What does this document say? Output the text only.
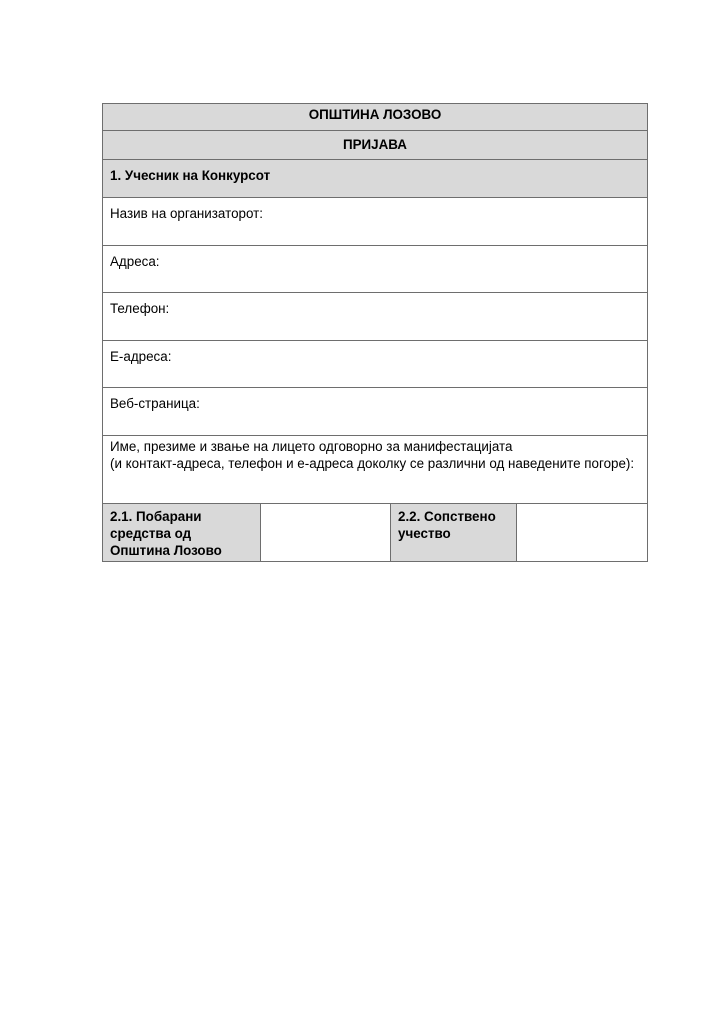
ОПШТИНА ЛОЗОВО
ПРИЈАВА
1. Учесник на Конкурсот
Назив на организаторот:
Адреса:
Телефон:
Е-адреса:
Веб-страница:

Име, презиме и звање на лицето одговорно за манифестацијата
(и контакт-адреса, телефон и е-адреса доколку се различни од наведените погоре):

2.1. Побарани средства од Општина Лозово		2.2. Сопствено учество	
